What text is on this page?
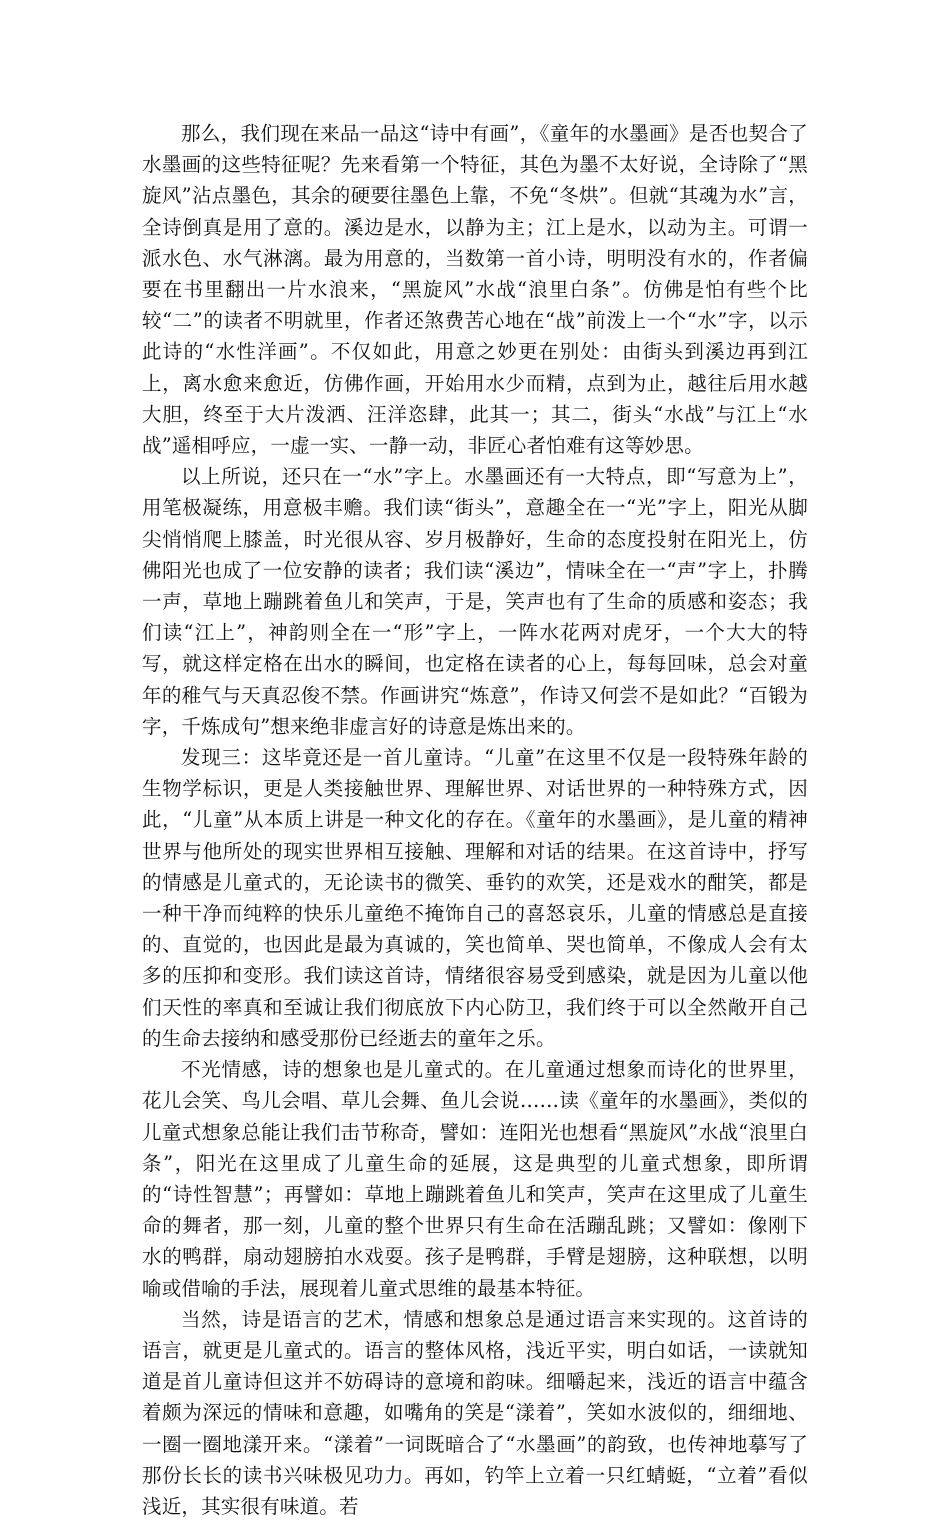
那么，我们现在来品一品这“诗中有画”，《童年的水墨画》是否也契合了水墨画的这些特征呢？先来看第一个特征，其色为墨不太好说，全诗除了“黑旋风”沾点墨色，其余的硬要往墨色上靠，不免“冬烘”。但就“其魂为水”言，全诗倒真是用了意的。溪边是水，以静为主；江上是水，以动为主。可谓一派水色、水气淋漓。最为用意的，当数第一首小诗，明明没有水的，作者偏要在书里翻出一片水浪来，“黑旋风”水战“浪里白条”。仿佛是怕有些个比较“二”的读者不明就里，作者还煞费苦心地在“战”前泼上一个“水”字，以示此诗的“水性洋画”。不仅如此，用意之妙更在别处：由街头到溪边再到江上，离水愈来愈近，仿佛作画，开始用水少而精，点到为止，越往后用水越大胆，终至于大片泼洒、汪洋恣肆，此其一；其二，街头“水战”与江上“水战”遥相呼应，一虚一实、一静一动，非匠心者怕难有这等妙思。

以上所说，还只在一“水”字上。水墨画还有一大特点，即“写意为上”，用笔极凝练，用意极丰赡。我们读“街头”，意趣全在一“光”字上，阳光从脚尖悄悄爬上膝盖，时光很从容、岁月极静好，生命的态度投射在阳光上，仿佛阳光也成了一位安静的读者；我们读“溪边”，情味全在一“声”字上，扑腾一声，草地上蹦跳着鱼儿和笑声，于是，笑声也有了生命的质感和姿态；我们读“江上”，神韵则全在一“形”字上，一阵水花两对虎牙，一个大大的特写，就这样定格在出水的瞬间，也定格在读者的心上，每每回味，总会对童年的稚气与天真忍俊不禁。作画讲究“炼意”，作诗又何尝不是如此？“百锻为字，千炼成句”想来绝非虚言好的诗意是炼出来的。

发现三：这毕竟还是一首儿童诗。“儿童”在这里不仅是一段特殊年龄的生物学标识，更是人类接触世界、理解世界、对话世界的一种特殊方式，因此，“儿童”从本质上讲是一种文化的存在。《童年的水墨画》，是儿童的精神世界与他所处的现实世界相互接触、理解和对话的结果。在这首诗中，抒写的情感是儿童式的，无论读书的微笑、垂钓的欢笑，还是戏水的酣笑，都是一种干净而纯粹的快乐儿童绝不掩饰自己的喜怒哀乐，儿童的情感总是直接的、直觉的，也因此是最为真诚的，笑也简单、哭也简单，不像成人会有太多的压抑和变形。我们读这首诗，情绪很容易受到感染，就是因为儿童以他们天性的率真和至诚让我们彻底放下内心防卫，我们终于可以全然敞开自己的生命去接纳和感受那份已经逝去的童年之乐。

不光情感，诗的想象也是儿童式的。在儿童通过想象而诗化的世界里，花儿会笑、鸟儿会唱、草儿会舞、鱼儿会说……读《童年的水墨画》，类似的儿童式想象总能让我们击节称奇，譬如：连阳光也想看“黑旋风”水战“浪里白条”，阳光在这里成了儿童生命的延展，这是典型的儿童式想象，即所谓的“诗性智慧”；再譬如：草地上蹦跳着鱼儿和笑声，笑声在这里成了儿童生命的舞者，那一刻，儿童的整个世界只有生命在活蹦乱跳；又譬如：像刚下水的鸭群，扇动翅膀拍水戏耍。孩子是鸭群，手臂是翅膀，这种联想，以明喻或借喻的手法，展现着儿童式思维的最基本特征。

当然，诗是语言的艺术，情感和想象总是通过语言来实现的。这首诗的语言，就更是儿童式的。语言的整体风格，浅近平实，明白如话，一读就知道是首儿童诗但这并不妨碍诗的意境和韵味。细嚼起来，浅近的语言中蕴含着颇为深远的情味和意趣，如嘴角的笑是“漾着”，笑如水波似的，细细地、一圈一圈地漾开来。“漾着”一词既暗合了“水墨画”的韵致，也传神地摹写了那份长长的读书兴味极见功力。再如，钓竿上立着一只红蜻蜓，“立着”看似浅近，其实很有味道。若
